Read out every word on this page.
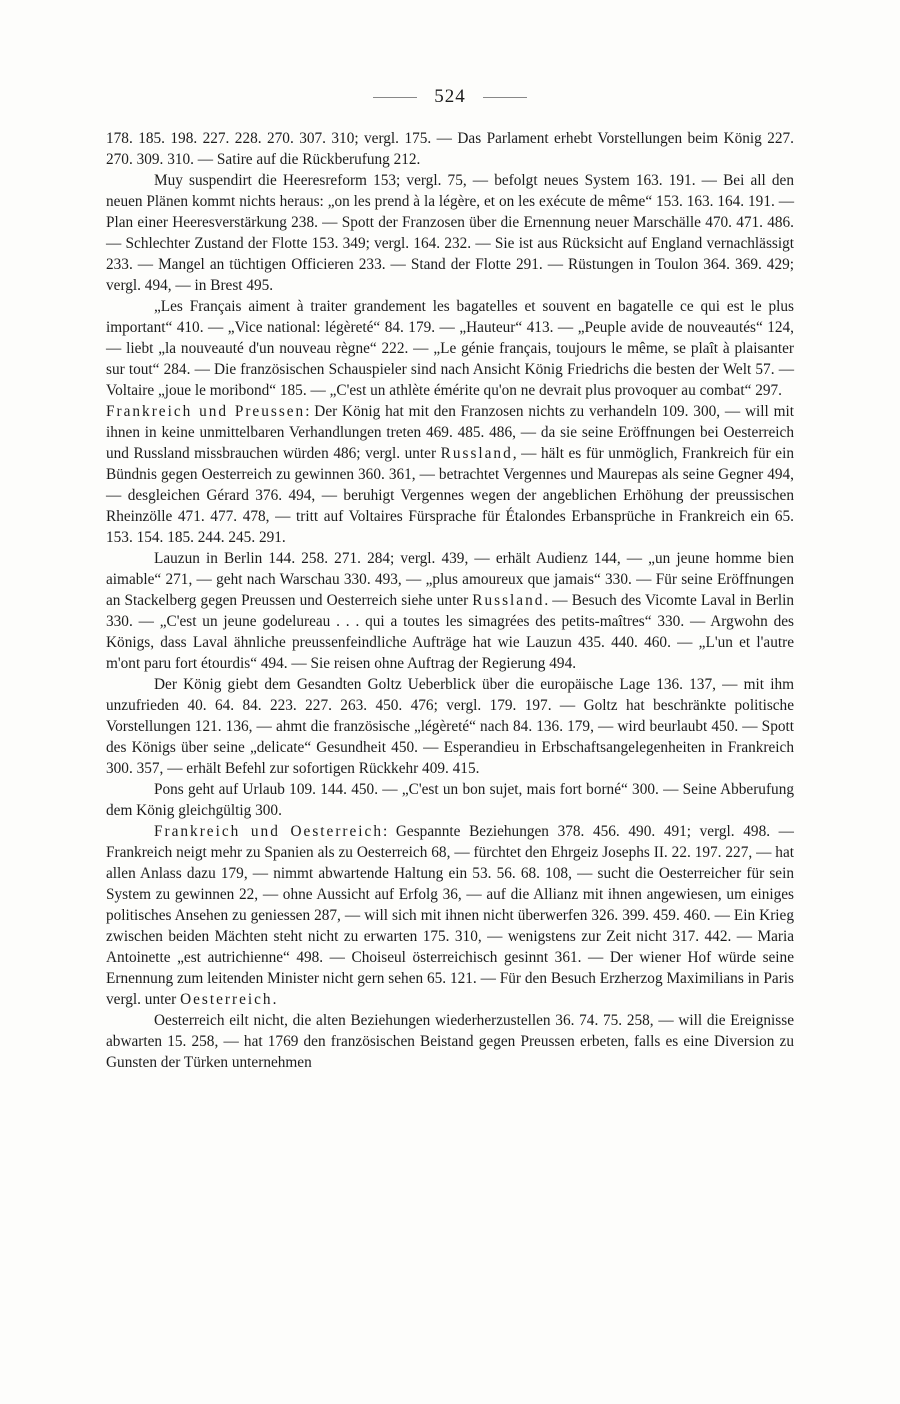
524

178. 185. 198. 227. 228. 270. 307. 310; vergl. 175. — Das Parlament erhebt Vorstellungen beim König 227. 270. 309. 310. — Satire auf die Rückberufung 212.

Muy suspendirt die Heeresreform 153; vergl. 75, — befolgt neues System 163. 191. — Bei all den neuen Plänen kommt nichts heraus: „on les prend à la légère, et on les exécute de même“ 153. 163. 164. 191. — Plan einer Heeresverstärkung 238. — Spott der Franzosen über die Ernennung neuer Marschälle 470. 471. 486. — Schlechter Zustand der Flotte 153. 349; vergl. 164. 232. — Sie ist aus Rücksicht auf England vernachlässigt 233. — Mangel an tüchtigen Officieren 233. — Stand der Flotte 291. — Rüstungen in Toulon 364. 369. 429; vergl. 494, — in Brest 495.

„Les Français aiment à traiter grandement les bagatelles et souvent en bagatelle ce qui est le plus important“ 410. — „Vice national: légèreté“ 84. 179. — „Hauteur“ 413. — „Peuple avide de nouveautés“ 124, — liebt „la nouveauté d'un nouveau règne“ 222. — „Le génie français, toujours le même, se plaît à plaisanter sur tout“ 284. — Die französischen Schauspieler sind nach Ansicht König Friedrichs die besten der Welt 57. — Voltaire „joue le moribond“ 185. — „C'est un athlète émérite qu'on ne devrait plus provoquer au combat“ 297.

Frankreich und Preussen: Der König hat mit den Franzosen nichts zu verhandeln 109. 300, — will mit ihnen in keine unmittelbaren Verhandlungen treten 469. 485. 486, — da sie seine Eröffnungen bei Oesterreich und Russland missbrauchen würden 486; vergl. unter Russland, — hält es für unmöglich, Frankreich für ein Bündnis gegen Oesterreich zu gewinnen 360. 361, — betrachtet Vergennes und Maurepas als seine Gegner 494, — desgleichen Gérard 376. 494, — beruhigt Vergennes wegen der angeblichen Erhöhung der preussischen Rheinzölle 471. 477. 478, — tritt auf Voltaires Fürsprache für Étalondes Erbansprüche in Frankreich ein 65. 153. 154. 185. 244. 245. 291.

Lauzun in Berlin 144. 258. 271. 284; vergl. 439, — erhält Audienz 144, — „un jeune homme bien aimable“ 271, — geht nach Warschau 330. 493, — „plus amoureux que jamais“ 330. — Für seine Eröffnungen an Stackelberg gegen Preussen und Oesterreich siehe unter Russland. — Besuch des Vicomte Laval in Berlin 330. — „C'est un jeune godelureau . . . qui a toutes les simagrées des petits-maîtres“ 330. — Argwohn des Königs, dass Laval ähnliche preussenfeindliche Aufträge hat wie Lauzun 435. 440. 460. — „L'un et l'autre m'ont paru fort étourdis“ 494. — Sie reisen ohne Auftrag der Regierung 494.

Der König giebt dem Gesandten Goltz Ueberblick über die europäische Lage 136. 137, — mit ihm unzufrieden 40. 64. 84. 223. 227. 263. 450. 476; vergl. 179. 197. — Goltz hat beschränkte politische Vorstellungen 121. 136, — ahmt die französische „légèreté“ nach 84. 136. 179, — wird beurlaubt 450. — Spott des Königs über seine „delicate“ Gesundheit 450. — Esperandieu in Erbschaftsangelegenheiten in Frankreich 300. 357, — erhält Befehl zur sofortigen Rückkehr 409. 415.

Pons geht auf Urlaub 109. 144. 450. — „C'est un bon sujet, mais fort borné“ 300. — Seine Abberufung dem König gleichgültig 300.

Frankreich und Oesterreich: Gespannte Beziehungen 378. 456. 490. 491; vergl. 498. — Frankreich neigt mehr zu Spanien als zu Oesterreich 68, — fürchtet den Ehrgeiz Josephs II. 22. 197. 227, — hat allen Anlass dazu 179, — nimmt abwartende Haltung ein 53. 56. 68. 108, — sucht die Oesterreicher für sein System zu gewinnen 22, — ohne Aussicht auf Erfolg 36, — auf die Allianz mit ihnen angewiesen, um einiges politisches Ansehen zu geniessen 287, — will sich mit ihnen nicht überwerfen 326. 399. 459. 460. — Ein Krieg zwischen beiden Mächten steht nicht zu erwarten 175. 310, — wenigstens zur Zeit nicht 317. 442. — Maria Antoinette „est autrichienne“ 498. — Choiseul österreichisch gesinnt 361. — Der wiener Hof würde seine Ernennung zum leitenden Minister nicht gern sehen 65. 121. — Für den Besuch Erzherzog Maximilians in Paris vergl. unter Oesterreich.

Oesterreich eilt nicht, die alten Beziehungen wiederherzustellen 36. 74. 75. 258, — will die Ereignisse abwarten 15. 258, — hat 1769 den französischen Beistand gegen Preussen erbeten, falls es eine Diversion zu Gunsten der Türken unternehmen
